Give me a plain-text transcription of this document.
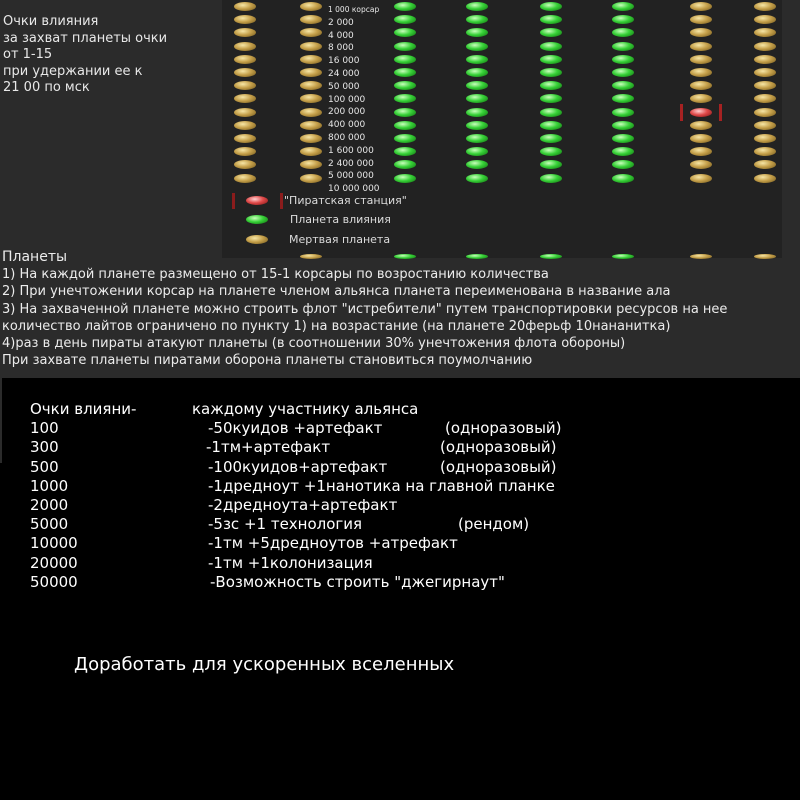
Очки влияния
за захват планеты очки
от 1-15
при удержании ее к
21 00 по мск
1 000 корсар
2 000
4 000
8 000
16 000
24 000
50 000
100 000
200 000
400 000
800 000
1 600 000
2 400 000
5 000 000
10 000 000
"Пиратская станция"
Планета влияния
Мертвая планета
Планеты
1) На каждой планете размещено от 15-1 корсары по возростанию количества
2) При унечтожении корсар на планете членом альянса планета переименована в название ала
3) На захваченной планете можно строить флот "истребители" путем транспортировки ресурсов на нее
количество лайтов ограничено по пункту 1) на возрастание (на планете 20ферьф 10нананитка)
4)раз в день пираты атакуют планеты (в соотношении 30% унечтожения флота обороны)
При захвате планеты пиратами оборона планеты становиться поумолчанию
Очки влияни-	каждому участнику альянса
100	-50куидов +артефакт	(одноразовый)
300	-1тм+артефакт	(одноразовый)
500	-100куидов+артефакт	(одноразовый)
1000	-1дредноут +1нанотика на главной планке
2000	-2дредноута+артефакт
5000	-5зс +1 технология	(рендом)
10000	-1тм +5дредноутов +атрефакт
20000	-1тм +1колонизация
50000	-Возможность строить "джегирнаут"
Доработать для ускоренных вселенных
